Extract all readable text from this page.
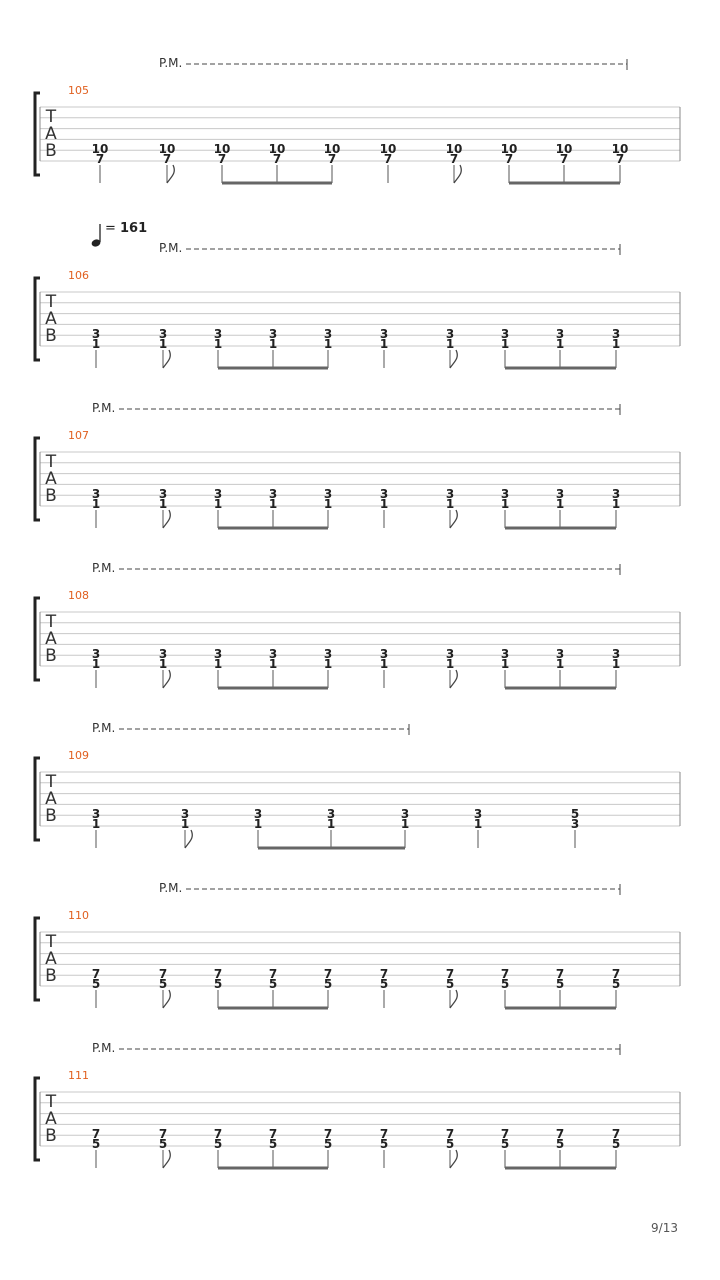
T
A
B
105
P.M.
10
7
10
7
10
7
10
7
10
7
10
7
10
7
10
7
10
7
10
7
T
A
B
106
= 161
P.M.
3
1
3
1
3
1
3
1
3
1
3
1
3
1
3
1
3
1
3
1
T
A
B
107
P.M.
3
1
3
1
3
1
3
1
3
1
3
1
3
1
3
1
3
1
3
1
T
A
B
108
P.M.
3
1
3
1
3
1
3
1
3
1
3
1
3
1
3
1
3
1
3
1
T
A
B
109
P.M.
3
1
3
1
3
1
3
1
3
1
3
1
5
3
T
A
B
110
P.M.
7
5
7
5
7
5
7
5
7
5
7
5
7
5
7
5
7
5
7
5
T
A
B
111
P.M.
7
5
7
5
7
5
7
5
7
5
7
5
7
5
7
5
7
5
7
5
9/13
